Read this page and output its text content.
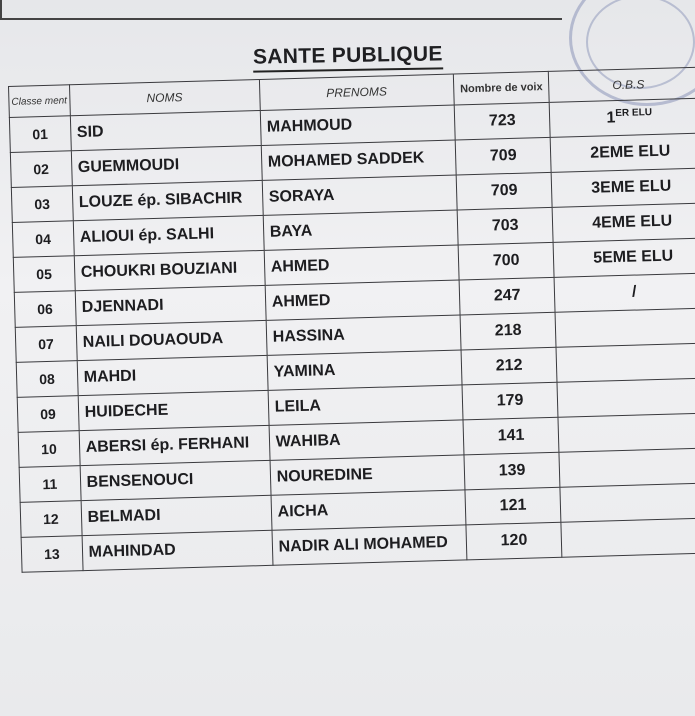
SANTE PUBLIQUE
Classe ment	NOMS	PRENOMS	Nombre de voix	O.B.S
01	SID	MAHMOUD	723	$1^{ER ELU}$
02	GUEMMOUDI	MOHAMED SADDEK	709	2EME ELU
03	LOUZE ép. SIBACHIR	SORAYA	709	3EME ELU
04	ALIOUI ép. SALHI	BAYA	703	4EME ELU
05	CHOUKRI BOUZIANI	AHMED	700	5EME ELU
06	DJENNADI	AHMED	247	/
07	NAILI DOUAOUDA	HASSINA	218	
08	MAHDI	YAMINA	212	
09	HUIDECHE	LEILA	179	
10	ABERSI ép. FERHANI	WAHIBA	141	
11	BENSENOUCI	NOUREDINE	139	
12	BELMADI	AICHA	121	
13	MAHINDAD	NADIR ALI MOHAMED	120	
